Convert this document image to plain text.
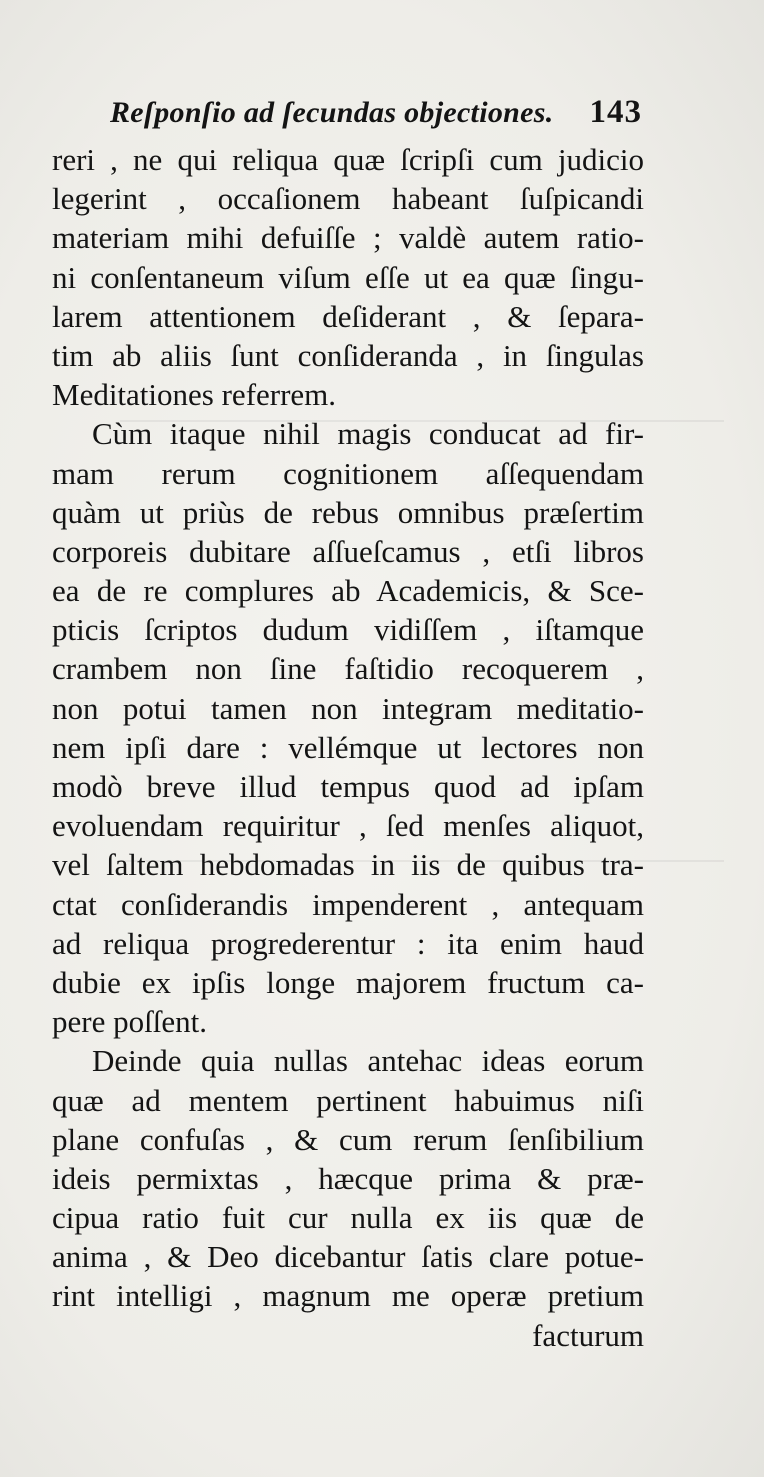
Reſponſio ad ſecundas objectiones. 143
reri , ne qui reliqua quæ ſcripſi cum judicio
legerint , occaſionem habeant ſuſpicandi
materiam mihi defuiſſe ; valdè autem ratio-
ni conſentaneum viſum eſſe ut ea quæ ſingu-
larem attentionem deſiderant , & ſepara-
tim ab aliis ſunt conſideranda , in ſingulas
Meditationes referrem.
Cùm itaque nihil magis conducat ad fir-
mam rerum cognitionem aſſequendam
quàm ut priùs de rebus omnibus præſertim
corporeis dubitare aſſueſcamus , etſi libros
ea de re complures ab Academicis, & Sce-
pticis ſcriptos dudum vidiſſem , iſtamque
crambem non ſine faſtidio recoquerem ,
non potui tamen non integram meditatio-
nem ipſi dare : vellémque ut lectores non
modò breve illud tempus quod ad ipſam
evoluendam requiritur , ſed menſes aliquot,
vel ſaltem hebdomadas in iis de quibus tra-
ctat conſiderandis impenderent , antequam
ad reliqua progrederentur : ita enim haud
dubie ex ipſis longe majorem fructum ca-
pere poſſent.
Deinde quia nullas antehac ideas eorum
quæ ad mentem pertinent habuimus niſi
plane confuſas , & cum rerum ſenſibilium
ideis permixtas , hæcque prima & præ-
cipua ratio fuit cur nulla ex iis quæ de
anima , & Deo dicebantur ſatis clare potue-
rint intelligi , magnum me operæ pretium
facturum
